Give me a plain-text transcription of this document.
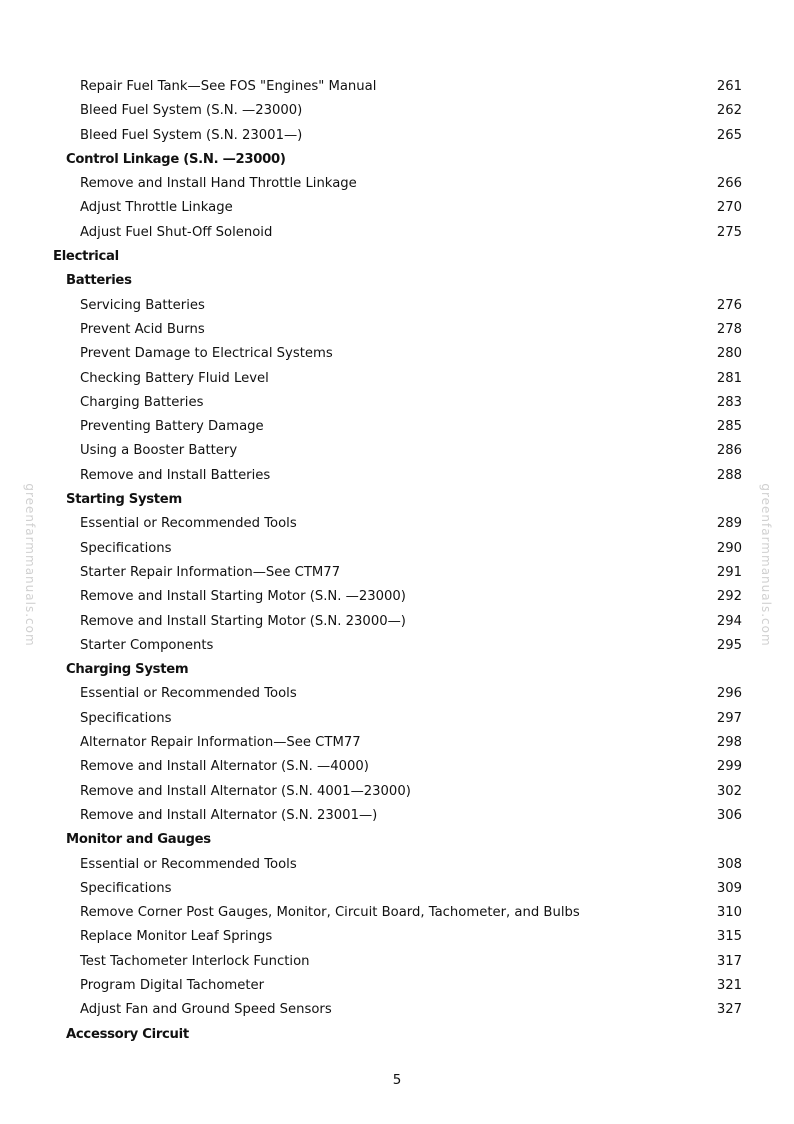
Repair Fuel Tank—See FOS "Engines" Manual	261
Bleed Fuel System (S.N. —23000)	262
Bleed Fuel System (S.N. 23001—)	265
Control Linkage (S.N. —23000)
Remove and Install Hand Throttle Linkage	266
Adjust Throttle Linkage	270
Adjust Fuel Shut-Off Solenoid	275
Electrical
Batteries
Servicing Batteries	276
Prevent Acid Burns	278
Prevent Damage to Electrical Systems	280
Checking Battery Fluid Level	281
Charging Batteries	283
Preventing Battery Damage	285
Using a Booster Battery	286
Remove and Install Batteries	288
Starting System
Essential or Recommended Tools	289
Specifications	290
Starter Repair Information—See CTM77	291
Remove and Install Starting Motor (S.N. —23000)	292
Remove and Install Starting Motor (S.N. 23000—)	294
Starter Components	295
Charging System
Essential or Recommended Tools	296
Specifications	297
Alternator Repair Information—See CTM77	298
Remove and Install Alternator (S.N. —4000)	299
Remove and Install Alternator (S.N. 4001—23000)	302
Remove and Install Alternator (S.N. 23001—)	306
Monitor and Gauges
Essential or Recommended Tools	308
Specifications	309
Remove Corner Post Gauges, Monitor, Circuit Board, Tachometer, and Bulbs	310
Replace Monitor Leaf Springs	315
Test Tachometer Interlock Function	317
Program Digital Tachometer	321
Adjust Fan and Ground Speed Sensors	327
Accessory Circuit
greenfarmmanuals.com	greenfarmmanuals.com
5
